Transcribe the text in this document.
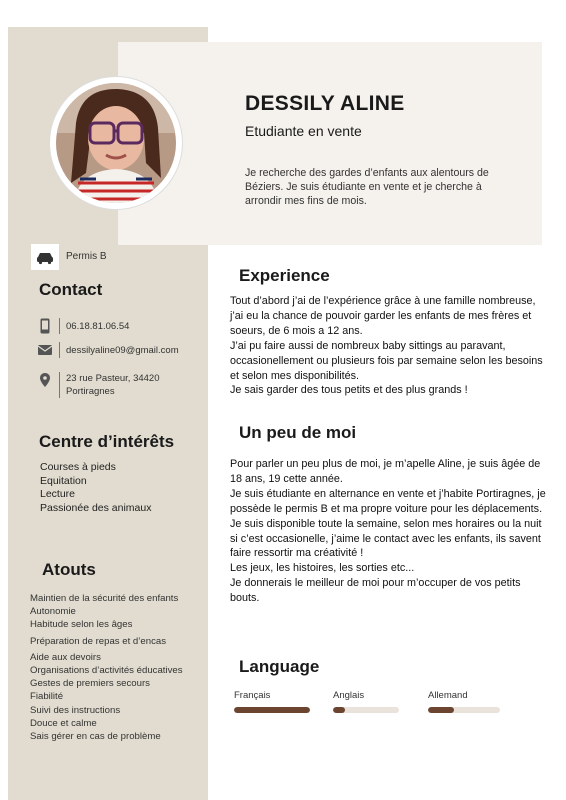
DESSILY ALINE

Etudiante en vente

Je recherche des gardes d’enfants aux alentours de Béziers. Je suis étudiante en vente et je cherche à arrondir mes fins de mois.
Permis B
Contact
06.18.81.06.54
dessilyaline09@gmail.com
23 rue Pasteur, 34420
Portiragnes
Centre d’intérêts
Courses à pieds
Equitation
Lecture
Passionée des animaux
Atouts
Maintien de la sécurité des enfants
Autonomie
Habitude selon les âges
Préparation de repas et d’encas
Aide aux devoirs
Organisations d’activités éducatives
Gestes de premiers secours
Fiabilité
Suivi des instructions
Douce et calme
Sais gérer en cas de problème
Experience

Tout d’abord j’ai de l’expérience grâce à une famille nombreuse, j’ai eu la chance de pouvoir garder les enfants de mes frères et soeurs, de 6 mois a 12 ans.

J’ai pu faire aussi de nombreux baby sittings au paravant, occasionellement ou plusieurs fois par semaine selon les besoins et selon mes disponibilités.

Je sais garder des tous petits et des plus grands !

Un peu de moi

Pour parler un peu plus de moi, je m’apelle Aline, je suis âgée de 18 ans, 19 cette année.

Je suis étudiante en alternance en vente et j’habite Portiragnes, je possède le permis B et ma propre voiture pour les déplacements.

Je suis disponible toute la semaine, selon mes horaires ou la nuit si c’est occasionelle, j’aime le contact avec les enfants, ils savent faire ressortir ma créativité !

Les jeux, les histoires, les sorties etc...

Je donnerais le meilleur de moi pour m’occuper de vos petits bouts.

Language
Français	Anglais	Allemand
